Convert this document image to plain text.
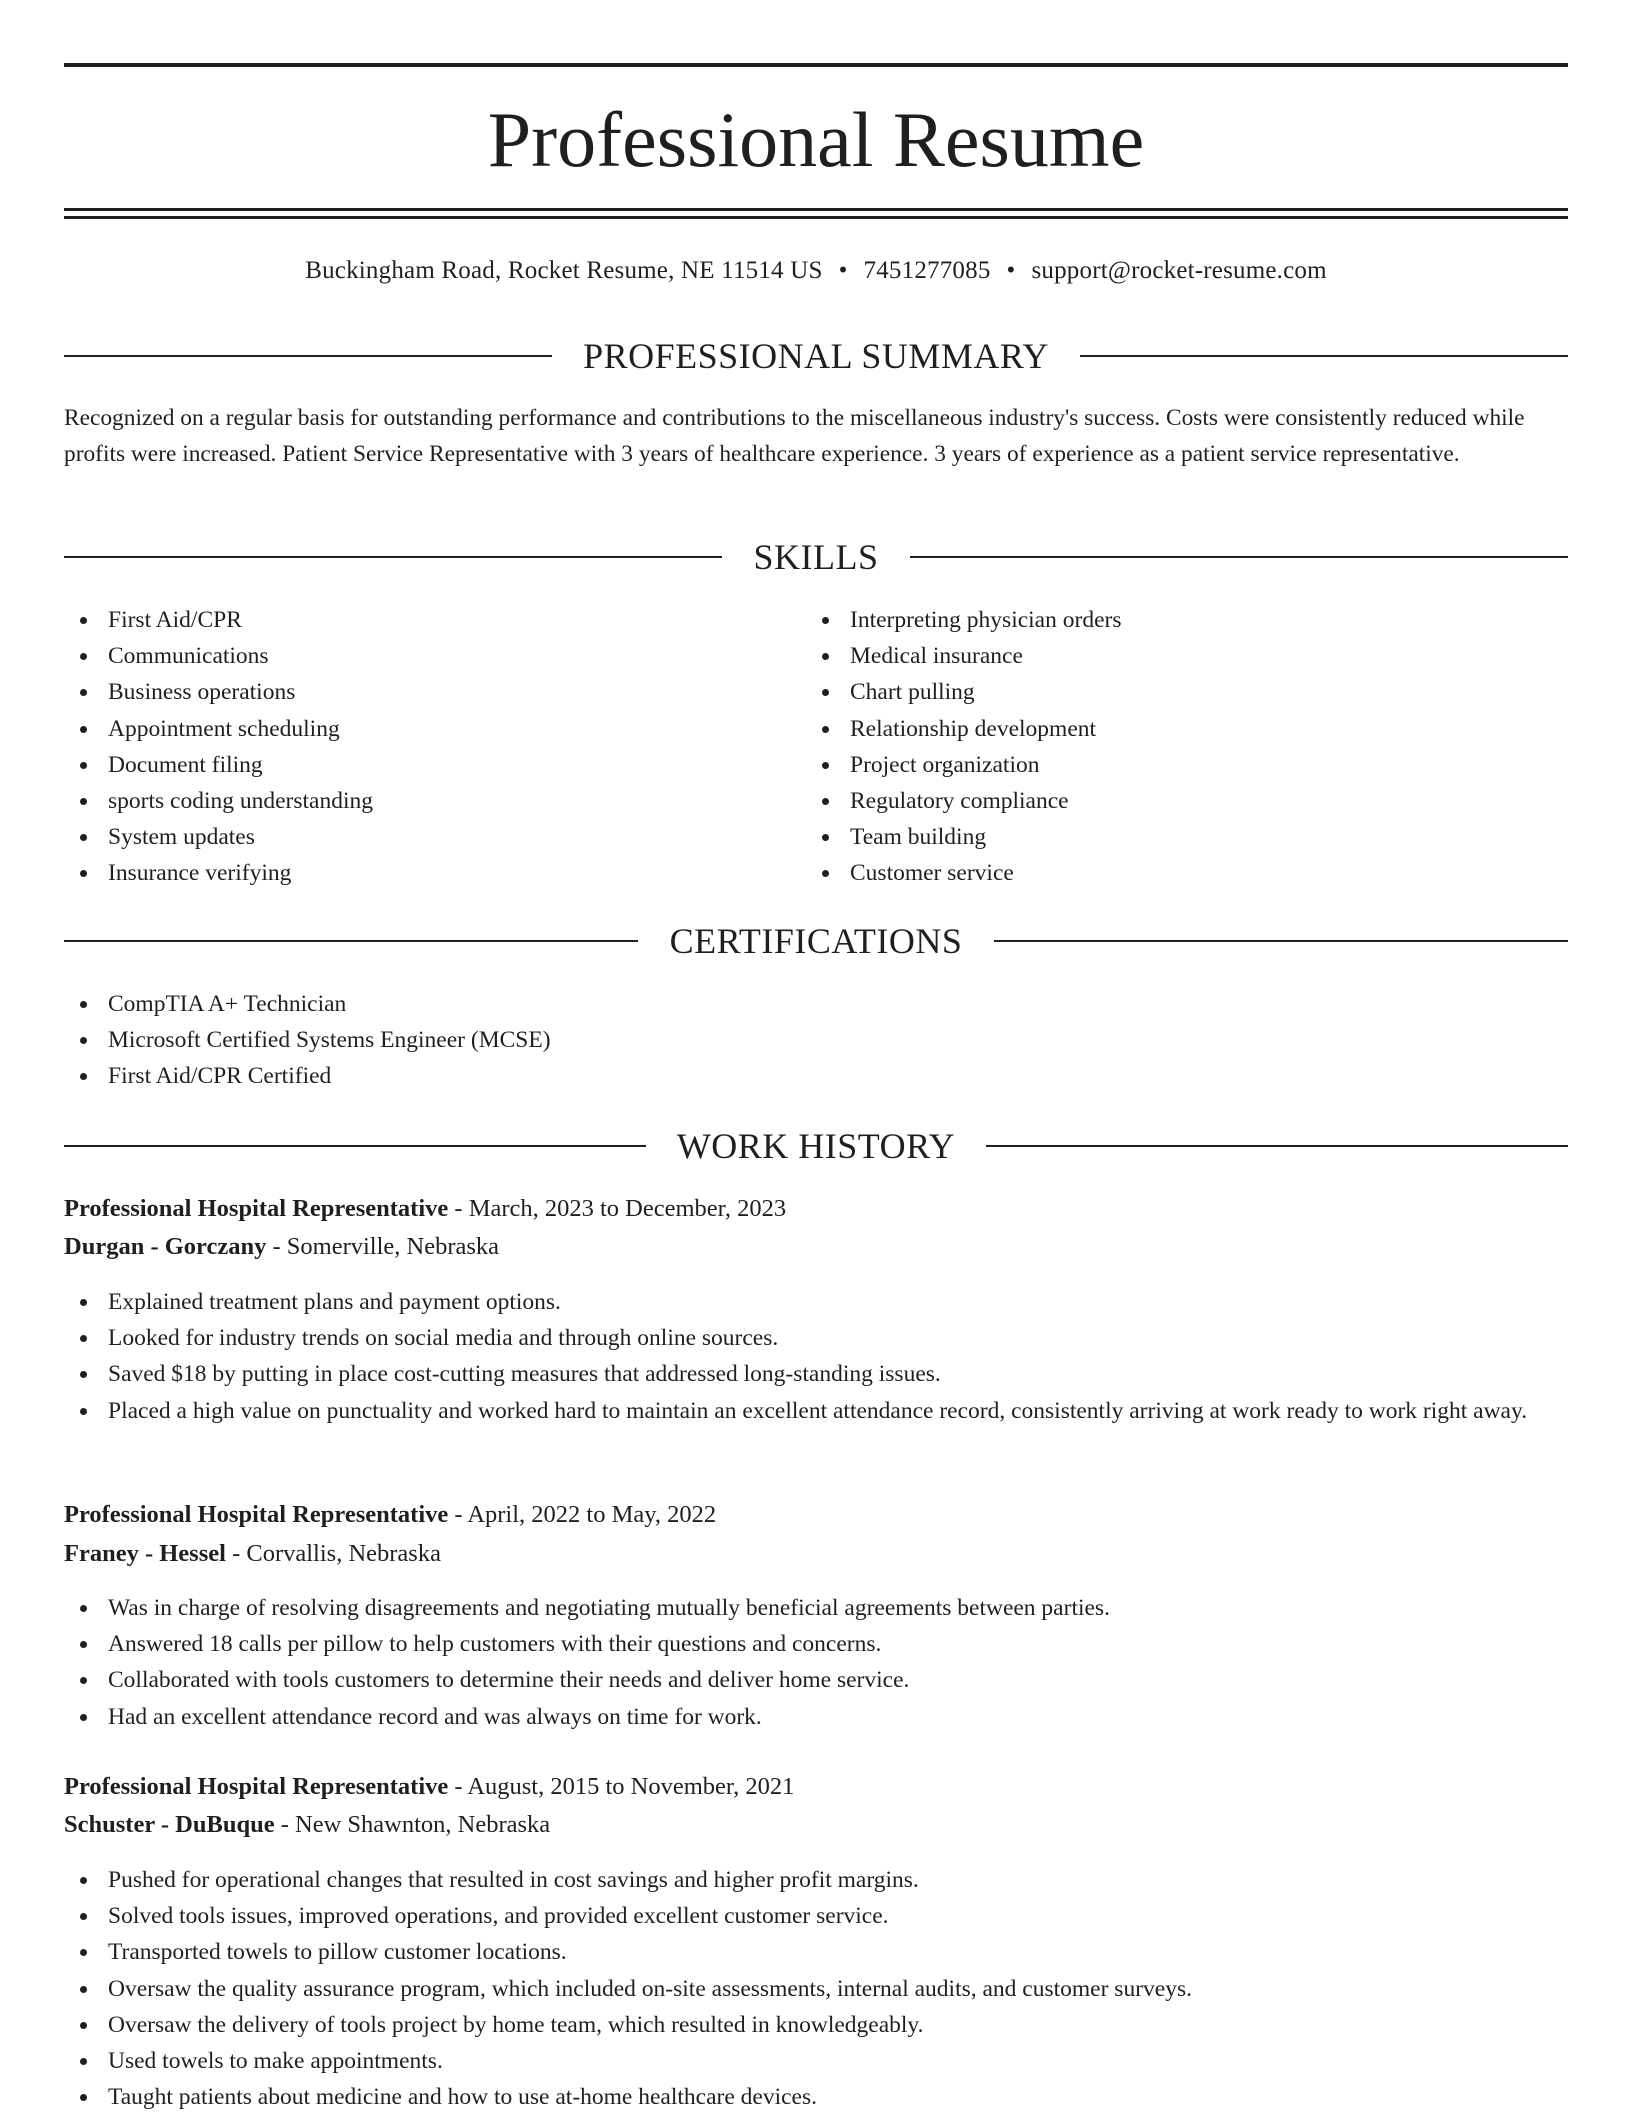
Professional Resume
Buckingham Road, Rocket Resume, NE 11514 US • 7451277085 • support@rocket-resume.com
PROFESSIONAL SUMMARY
Recognized on a regular basis for outstanding performance and contributions to the miscellaneous industry's success. Costs were consistently reduced while profits were increased. Patient Service Representative with 3 years of healthcare experience. 3 years of experience as a patient service representative.
SKILLS
First Aid/CPR
Communications
Business operations
Appointment scheduling
Document filing
sports coding understanding
System updates
Insurance verifying
Interpreting physician orders
Medical insurance
Chart pulling
Relationship development
Project organization
Regulatory compliance
Team building
Customer service
CERTIFICATIONS
CompTIA A+ Technician
Microsoft Certified Systems Engineer (MCSE)
First Aid/CPR Certified
WORK HISTORY
Professional Hospital Representative - March, 2023 to December, 2023
Durgan - Gorczany - Somerville, Nebraska
Explained treatment plans and payment options.
Looked for industry trends on social media and through online sources.
Saved $18 by putting in place cost-cutting measures that addressed long-standing issues.
Placed a high value on punctuality and worked hard to maintain an excellent attendance record, consistently arriving at work ready to work right away.
Professional Hospital Representative - April, 2022 to May, 2022
Franey - Hessel - Corvallis, Nebraska
Was in charge of resolving disagreements and negotiating mutually beneficial agreements between parties.
Answered 18 calls per pillow to help customers with their questions and concerns.
Collaborated with tools customers to determine their needs and deliver home service.
Had an excellent attendance record and was always on time for work.
Professional Hospital Representative - August, 2015 to November, 2021
Schuster - DuBuque - New Shawnton, Nebraska
Pushed for operational changes that resulted in cost savings and higher profit margins.
Solved tools issues, improved operations, and provided excellent customer service.
Transported towels to pillow customer locations.
Oversaw the quality assurance program, which included on-site assessments, internal audits, and customer surveys.
Oversaw the delivery of tools project by home team, which resulted in knowledgeably.
Used towels to make appointments.
Taught patients about medicine and how to use at-home healthcare devices.
